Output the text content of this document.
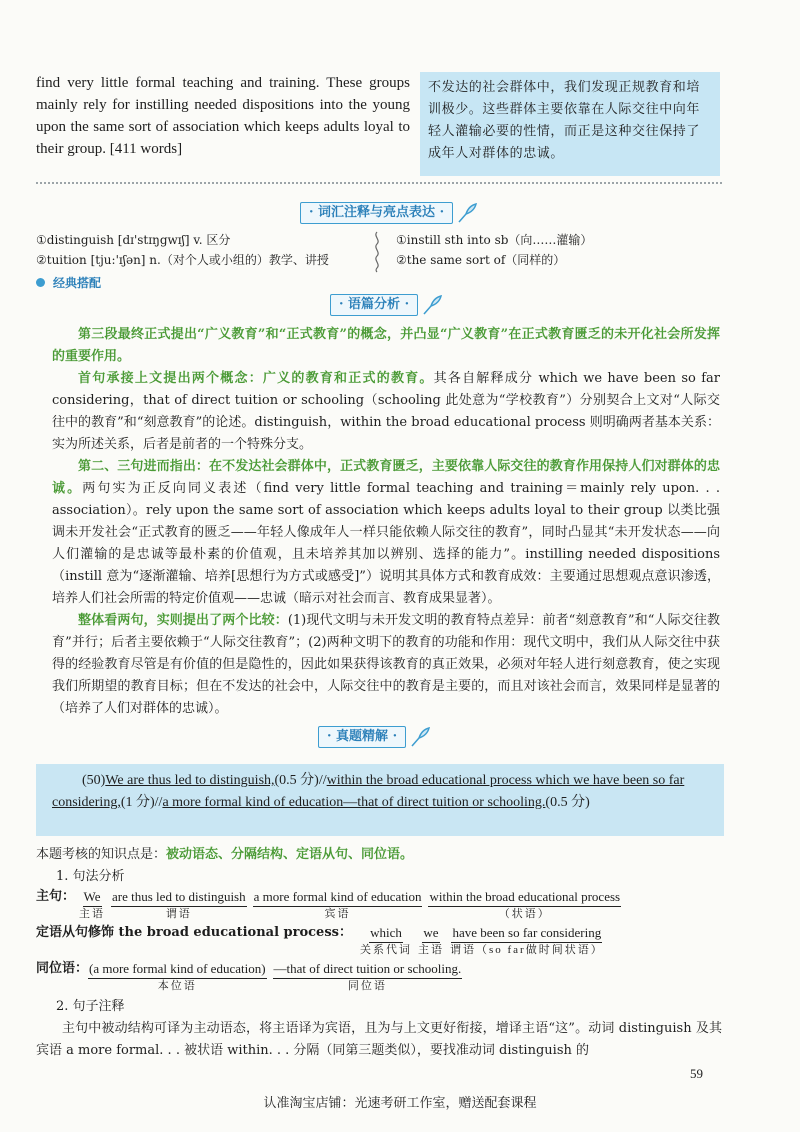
find very little formal teaching and training. These groups mainly rely for instilling needed dispositions into the young upon the same sort of association which keeps adults loyal to their group. [411 words]
不发达的社会群体中，我们发现正规教育和培训极少。这些群体主要依靠在人际交往中向年轻人灌输必要的性情，而正是这种交往保持了成年人对群体的忠诚。
· 词汇注释与亮点表达 ·
①distinguish [dɪ'stɪŋgwɪʃ] v. 区分
②tuition [tju:'ɪʃən] n.（对个人或小组的）教学、讲授
①instill sth into sb（向……灌输）
②the same sort of（同样的）
经典搭配
· 语篇分析 ·

第三段最终正式提出“广义教育”和“正式教育”的概念，并凸显“广义教育”在正式教育匮乏的未开化社会所发挥的重要作用。

首句承接上文提出两个概念：广义的教育和正式的教育。其各自解释成分 which we have been so far considering，that of direct tuition or schooling（schooling 此处意为“学校教育”）分别契合上文对“人际交往中的教育”和“刻意教育”的论述。distinguish，within the broad educational process 则明确两者基本关系：实为所述关系，后者是前者的一个特殊分支。

第二、三句进而指出：在不发达社会群体中，正式教育匮乏，主要依靠人际交往的教育作用保持人们对群体的忠诚。两句实为正反向同义表述（find very little formal teaching and training＝mainly rely upon. . . association）。rely upon the same sort of association which keeps adults loyal to their group 以类比强调未开发社会“正式教育的匮乏——年轻人像成年人一样只能依赖人际交往的教育”，同时凸显其“未开发状态——向人们灌输的是忠诚等最朴素的价值观，且未培养其加以辨别、选择的能力”。instilling needed dispositions（instill 意为“逐渐灌输、培养[思想行为方式或感受]”）说明其具体方式和教育成效：主要通过思想观点意识渗透，培养人们社会所需的特定价值观——忠诚（暗示对社会而言、教育成果显著）。

整体看两句，实则提出了两个比较：(1)现代文明与未开发文明的教育特点差异：前者“刻意教育”和“人际交往教育”并行；后者主要依赖于“人际交往教育”；(2)两种文明下的教育的功能和作用：现代文明中，我们从人际交往中获得的经验教育尽管是有价值的但是隐性的，因此如果获得该教育的真正效果，必须对年轻人进行刻意教育，使之实现我们所期望的教育目标；但在不发达的社会中，人际交往中的教育是主要的，而且对该社会而言，效果同样是显著的（培养了人们对群体的忠诚）。

· 真题精解 ·

(50)We are thus led to distinguish,(0.5 分)//within the broad educational process which we have been so far considering,(1 分)//a more formal kind of education—that of direct tuition or schooling.(0.5 分)

本题考核的知识点是：被动语态、分隔结构、定语从句、同位语。
1. 句法分析
主句： We
主语
are thus led to distinguish
谓语
a more formal kind of education
宾语
within the broad educational process
（状语）
定语从句修饰 the broad educational process： which
关系代词
we
主语
have been so far considering
谓语（so far做时间状语）
同位语： (a more formal kind of education)
本位语
—that of direct tuition or schooling.
同位语
2. 句子注释
主句中被动结构可译为主动语态，将主语译为宾语，且为与上文更好衔接，增译主语“这”。动词 distinguish 及其宾语 a more formal. . . 被状语 within. . . 分隔（同第三题类似），要找准动词 distinguish 的
59
认准淘宝店铺：光速考研工作室，赠送配套课程
